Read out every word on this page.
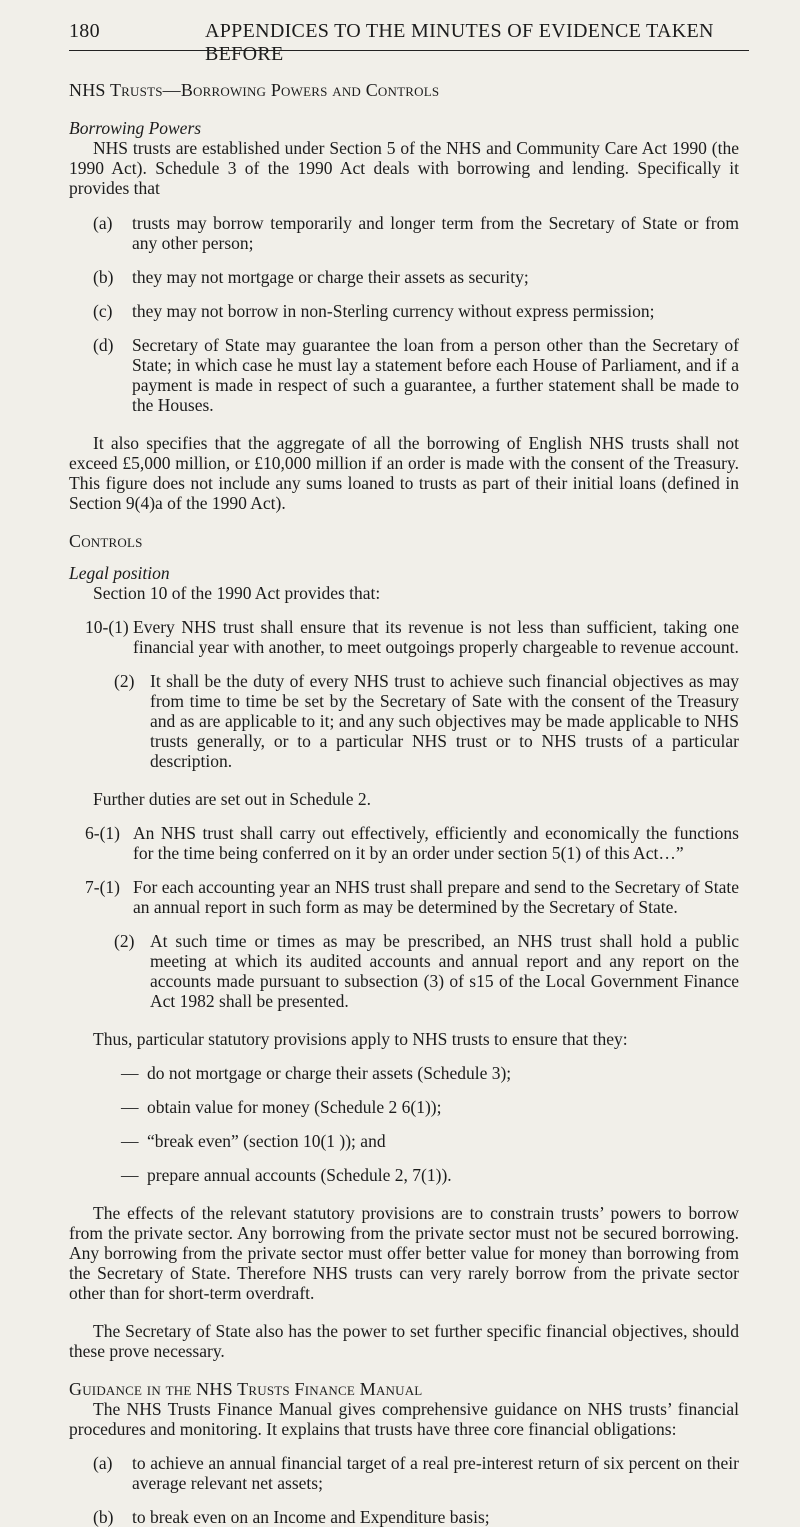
180	APPENDICES TO THE MINUTES OF EVIDENCE TAKEN BEFORE
NHS Trusts—Borrowing Powers and Controls
Borrowing Powers

NHS trusts are established under Section 5 of the NHS and Community Care Act 1990 (the 1990 Act). Schedule 3 of the 1990 Act deals with borrowing and lending. Specifically it provides that

(a)	trusts may borrow temporarily and longer term from the Secretary of State or from any other person;
(b)	they may not mortgage or charge their assets as security;
(c)	they may not borrow in non-Sterling currency without express permission;
(d)	Secretary of State may guarantee the loan from a person other than the Secretary of State; in which case he must lay a statement before each House of Parliament, and if a payment is made in respect of such a guarantee, a further statement shall be made to the Houses.

It also specifies that the aggregate of all the borrowing of English NHS trusts shall not exceed £5,000 million, or £10,000 million if an order is made with the consent of the Treasury. This figure does not include any sums loaned to trusts as part of their initial loans (defined in Section 9(4)a of the 1990 Act).

Controls
Legal position

Section 10 of the 1990 Act provides that:

10-(1) Every NHS trust shall ensure that its revenue is not less than sufficient, taking one financial year with another, to meet outgoings properly chargeable to revenue account.
(2) It shall be the duty of every NHS trust to achieve such financial objectives as may from time to time be set by the Secretary of Sate with the consent of the Treasury and as are applicable to it; and any such objectives may be made applicable to NHS trusts generally, or to a particular NHS trust or to NHS trusts of a particular description.

Further duties are set out in Schedule 2.

6-(1) An NHS trust shall carry out effectively, efficiently and economically the functions for the time being conferred on it by an order under section 5(1) of this Act…”
7-(1) For each accounting year an NHS trust shall prepare and send to the Secretary of State an annual report in such form as may be determined by the Secretary of State.
(2) At such time or times as may be prescribed, an NHS trust shall hold a public meeting at which its audited accounts and annual report and any report on the accounts made pursuant to subsection (3) of s15 of the Local Government Finance Act 1982 shall be presented.

Thus, particular statutory provisions apply to NHS trusts to ensure that they:

— do not mortgage or charge their assets (Schedule 3);
— obtain value for money (Schedule 2 6(1));
— “break even” (section 10(1 )); and
— prepare annual accounts (Schedule 2, 7(1)).

The effects of the relevant statutory provisions are to constrain trusts’ powers to borrow from the private sector. Any borrowing from the private sector must not be secured borrowing. Any borrowing from the private sector must offer better value for money than borrowing from the Secretary of State. Therefore NHS trusts can very rarely borrow from the private sector other than for short-term overdraft.

The Secretary of State also has the power to set further specific financial objectives, should these prove necessary.

Guidance in the NHS Trusts Finance Manual

The NHS Trusts Finance Manual gives comprehensive guidance on NHS trusts’ financial procedures and monitoring. It explains that trusts have three core financial obligations:

(a)	to achieve an annual financial target of a real pre-interest return of six percent on their average relevant net assets;
(b)	to break even on an Income and Expenditure basis;
